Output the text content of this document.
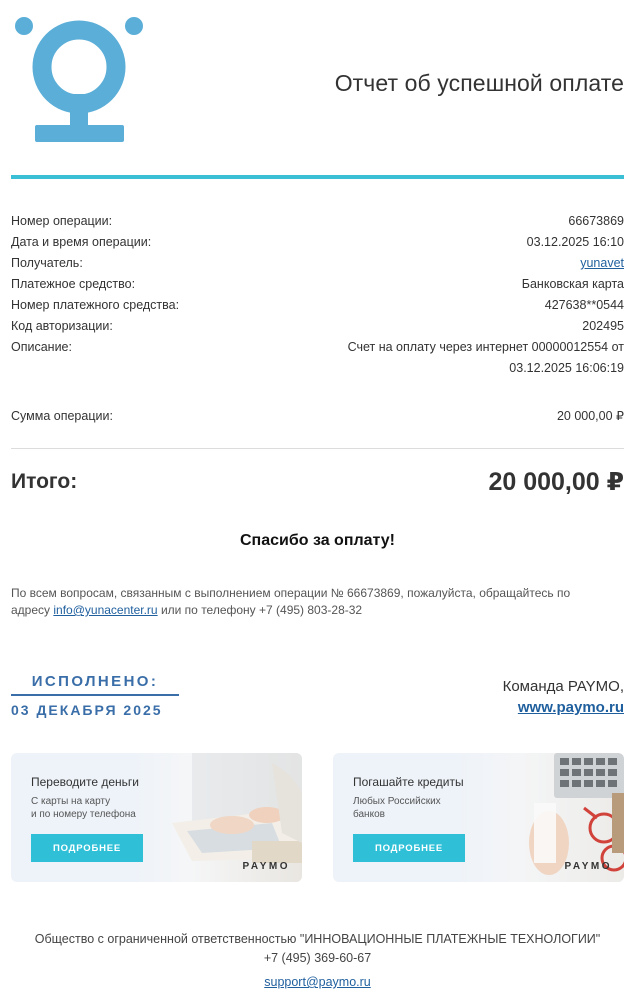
Отчет об успешной оплате
Номер операции:	66673869
Дата и время операции:	03.12.2025 16:10
Получатель:	yunavet
Платежное средство:	Банковская карта
Номер платежного средства:	427638**0544
Код авторизации:	202495
Описание:	Счет на оплату через интернет 00000012554 от 03.12.2025 16:06:19
Сумма операции:	20 000,00 ₽
Итого:	20 000,00 ₽
Спасибо за оплату!

По всем вопросам, связанным с выполнением операции № 66673869, пожалуйста, обращайтесь по адресу info@yunacenter.ru или по телефону +7 (495) 803-28-32

ИСПОЛНЕНО:
03 ДЕКАБРЯ 2025
Команда PAYMO,
www.paymo.ru
Переводите деньги
С карты на карту
и по номеру телефона
ПОДРОБНЕЕ
PAYMO
Погашайте кредиты
Любых Российских
банков
ПОДРОБНЕЕ
PAYMO
Общество с ограниченной ответственностью "ИННОВАЦИОННЫЕ ПЛАТЕЖНЫЕ ТЕХНОЛОГИИ"
+7 (495) 369-60-67
support@paymo.ru
